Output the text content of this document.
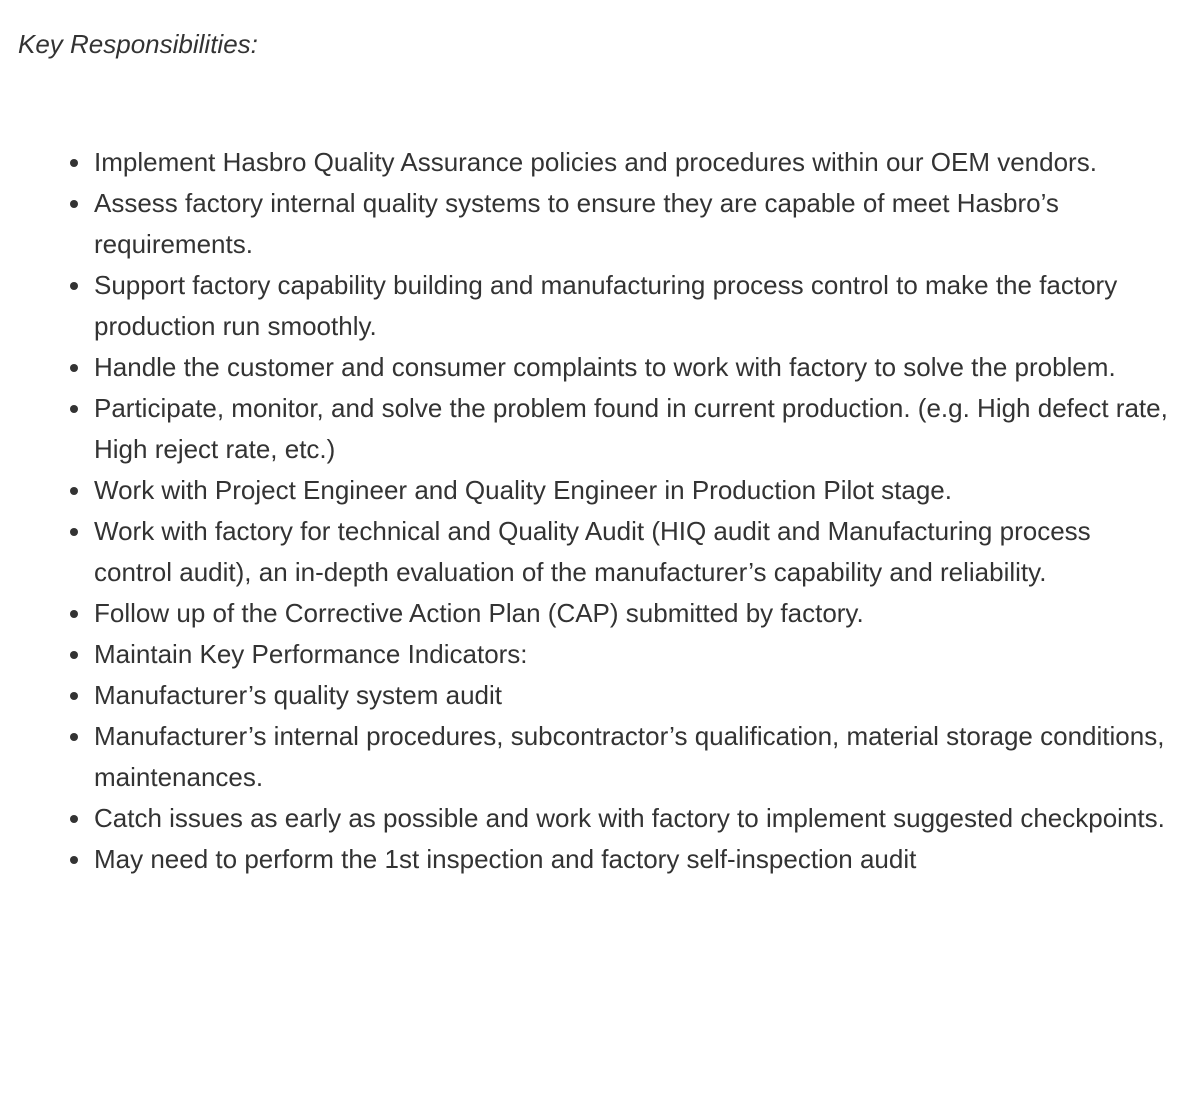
Key Responsibilities:

Implement Hasbro Quality Assurance policies and procedures within our OEM vendors.
Assess factory internal quality systems to ensure they are capable of meet Hasbro’s requirements.
Support factory capability building and manufacturing process control to make the factory production run smoothly.
Handle the customer and consumer complaints to work with factory to solve the problem.
Participate, monitor, and solve the problem found in current production. (e.g. High defect rate, High reject rate, etc.)
Work with Project Engineer and Quality Engineer in Production Pilot stage.
Work with factory for technical and Quality Audit (HIQ audit and Manufacturing process control audit), an in-depth evaluation of the manufacturer’s capability and reliability.
Follow up of the Corrective Action Plan (CAP) submitted by factory.
Maintain Key Performance Indicators:
Manufacturer’s quality system audit
Manufacturer’s internal procedures, subcontractor’s qualification, material storage conditions, maintenances.
Catch issues as early as possible and work with factory to implement suggested checkpoints.
May need to perform the 1st inspection and factory self-inspection audit
